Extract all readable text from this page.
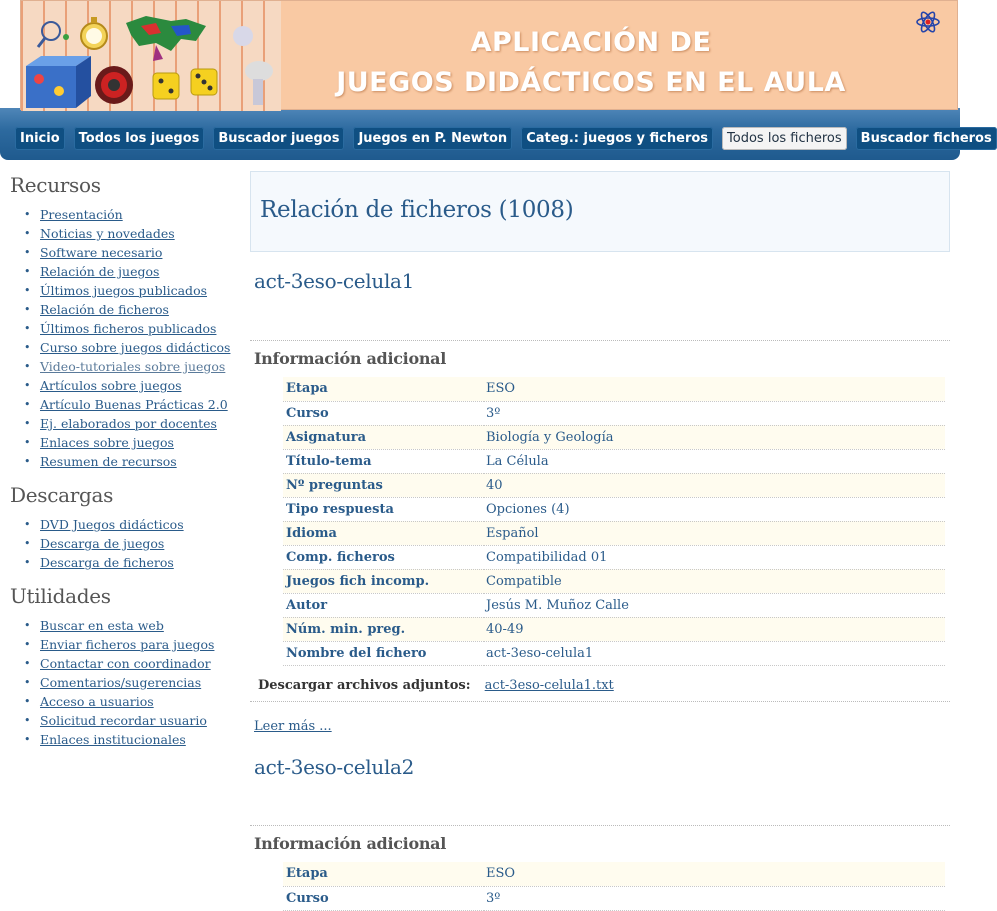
APLICACIÓN DE
JUEGOS DIDÁCTICOS EN EL AULA
Inicio	Todos los juegos	Buscador juegos	Juegos en P. Newton	Categ.: juegos y ficheros	Todos los ficheros	Buscador ficheros
Recursos
• Presentación
• Noticias y novedades
• Software necesario
• Relación de juegos
• Últimos juegos publicados
• Relación de ficheros
• Últimos ficheros publicados
• Curso sobre juegos didácticos
• Video-tutoriales sobre juegos
• Artículos sobre juegos
• Artículo Buenas Prácticas 2.0
• Ej. elaborados por docentes
• Enlaces sobre juegos
• Resumen de recursos
Descargas
• DVD Juegos didácticos
• Descarga de juegos
• Descarga de ficheros
Utilidades
• Buscar en esta web
• Enviar ficheros para juegos
• Contactar con coordinador
• Comentarios/sugerencias
• Acceso a usuarios
• Solicitud recordar usuario
• Enlaces institucionales
Relación de ficheros (1008)
act-3eso-celula1
Información adicional
Etapa	ESO
Curso	3º
Asignatura	Biología y Geología
Título-tema	La Célula
Nº preguntas	40
Tipo respuesta	Opciones (4)
Idioma	Español
Comp. ficheros	Compatibilidad 01
Juegos fich incomp.	Compatible
Autor	Jesús M. Muñoz Calle
Núm. min. preg.	40-49
Nombre del fichero	act-3eso-celula1
Descargar archivos adjuntos: act-3eso-celula1.txt
Leer más ...
act-3eso-celula2
Información adicional
Etapa	ESO
Curso	3º
